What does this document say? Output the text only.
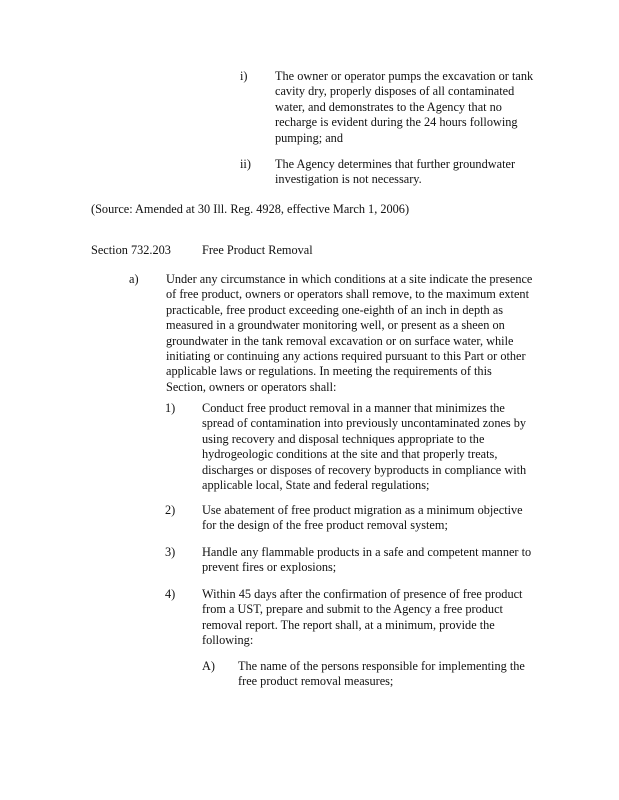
i) The owner or operator pumps the excavation or tank
cavity dry, properly disposes of all contaminated
water, and demonstrates to the Agency that no
recharge is evident during the 24 hours following
pumping; and
ii) The Agency determines that further groundwater
investigation is not necessary.
(Source: Amended at 30 Ill. Reg. 4928, effective March 1, 2006)
Section 732.203	Free Product Removal
a) Under any circumstance in which conditions at a site indicate the presence
of free product, owners or operators shall remove, to the maximum extent
practicable, free product exceeding one-eighth of an inch in depth as
measured in a groundwater monitoring well, or present as a sheen on
groundwater in the tank removal excavation or on surface water, while
initiating or continuing any actions required pursuant to this Part or other
applicable laws or regulations. In meeting the requirements of this
Section, owners or operators shall:
1) Conduct free product removal in a manner that minimizes the
spread of contamination into previously uncontaminated zones by
using recovery and disposal techniques appropriate to the
hydrogeologic conditions at the site and that properly treats,
discharges or disposes of recovery byproducts in compliance with
applicable local, State and federal regulations;
2) Use abatement of free product migration as a minimum objective
for the design of the free product removal system;
3) Handle any flammable products in a safe and competent manner to
prevent fires or explosions;
4) Within 45 days after the confirmation of presence of free product
from a UST, prepare and submit to the Agency a free product
removal report. The report shall, at a minimum, provide the
following:
A) The name of the persons responsible for implementing the
free product removal measures;
